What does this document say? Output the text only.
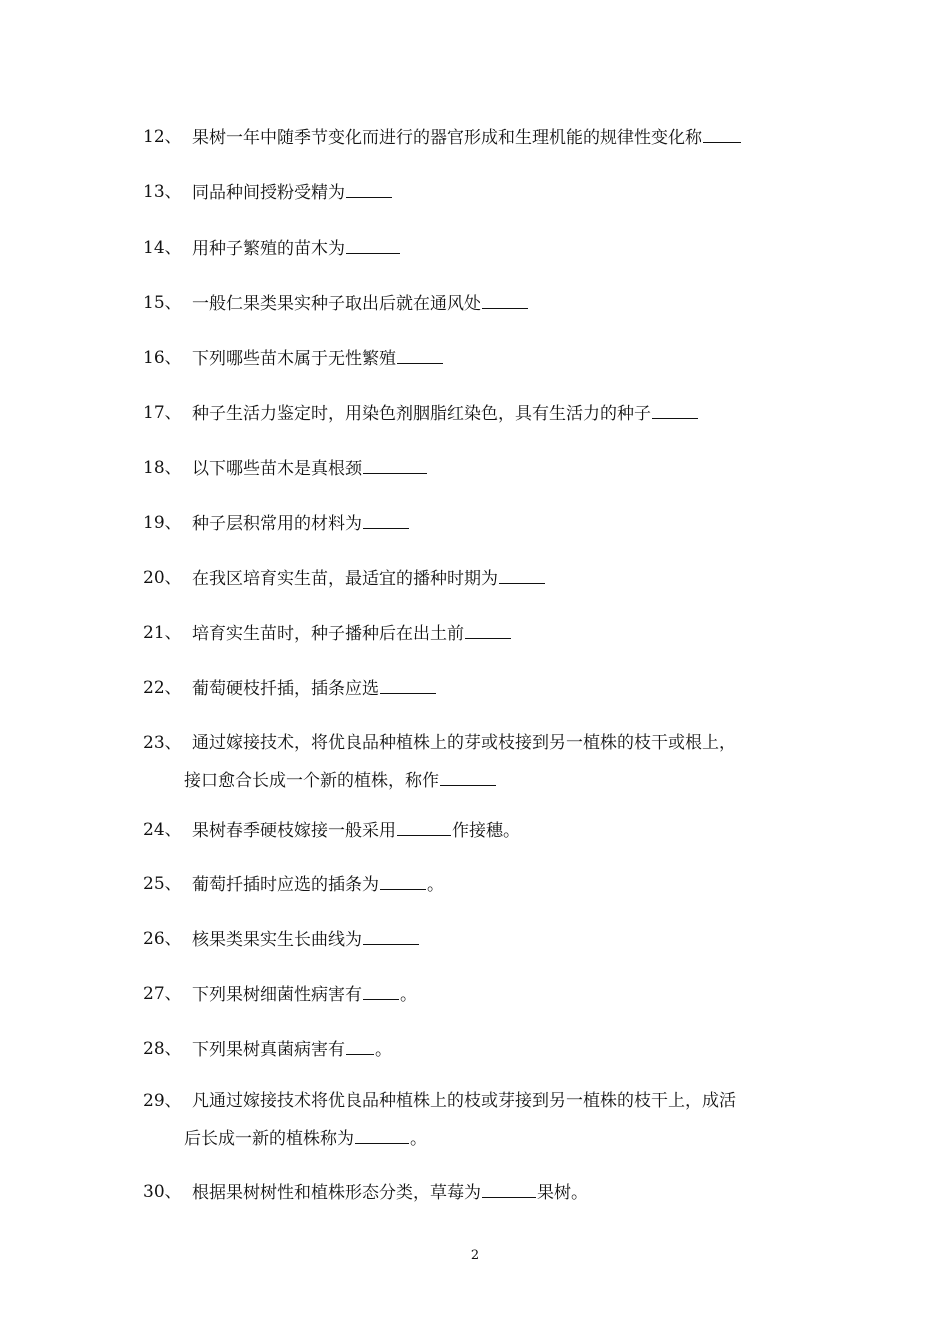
12、 果树一年中随季节变化而进行的器官形成和生理机能的规律性变化称
13、 同品种间授粉受精为
14、 用种子繁殖的苗木为
15、 一般仁果类果实种子取出后就在通风处
16、 下列哪些苗木属于无性繁殖
17、 种子生活力鉴定时，用染色剂胭脂红染色，具有生活力的种子
18、 以下哪些苗木是真根颈
19、 种子层积常用的材料为
20、 在我区培育实生苗，最适宜的播种时期为
21、 培育实生苗时，种子播种后在出土前
22、 葡萄硬枝扦插，插条应选
23、 通过嫁接技术，将优良品种植株上的芽或枝接到另一植株的枝干或根上，
接口愈合长成一个新的植株，称作
24、 果树春季硬枝嫁接一般采用	作接穗。
25、 葡萄扦插时应选的插条为	。
26、 核果类果实生长曲线为
27、 下列果树细菌性病害有 。
28、 下列果树真菌病害有 。
29、 凡通过嫁接技术将优良品种植株上的枝或芽接到另一植株的枝干上，成活
后长成一新的植株称为	。
30、 根据果树树性和植株形态分类，草莓为	果树。
2
